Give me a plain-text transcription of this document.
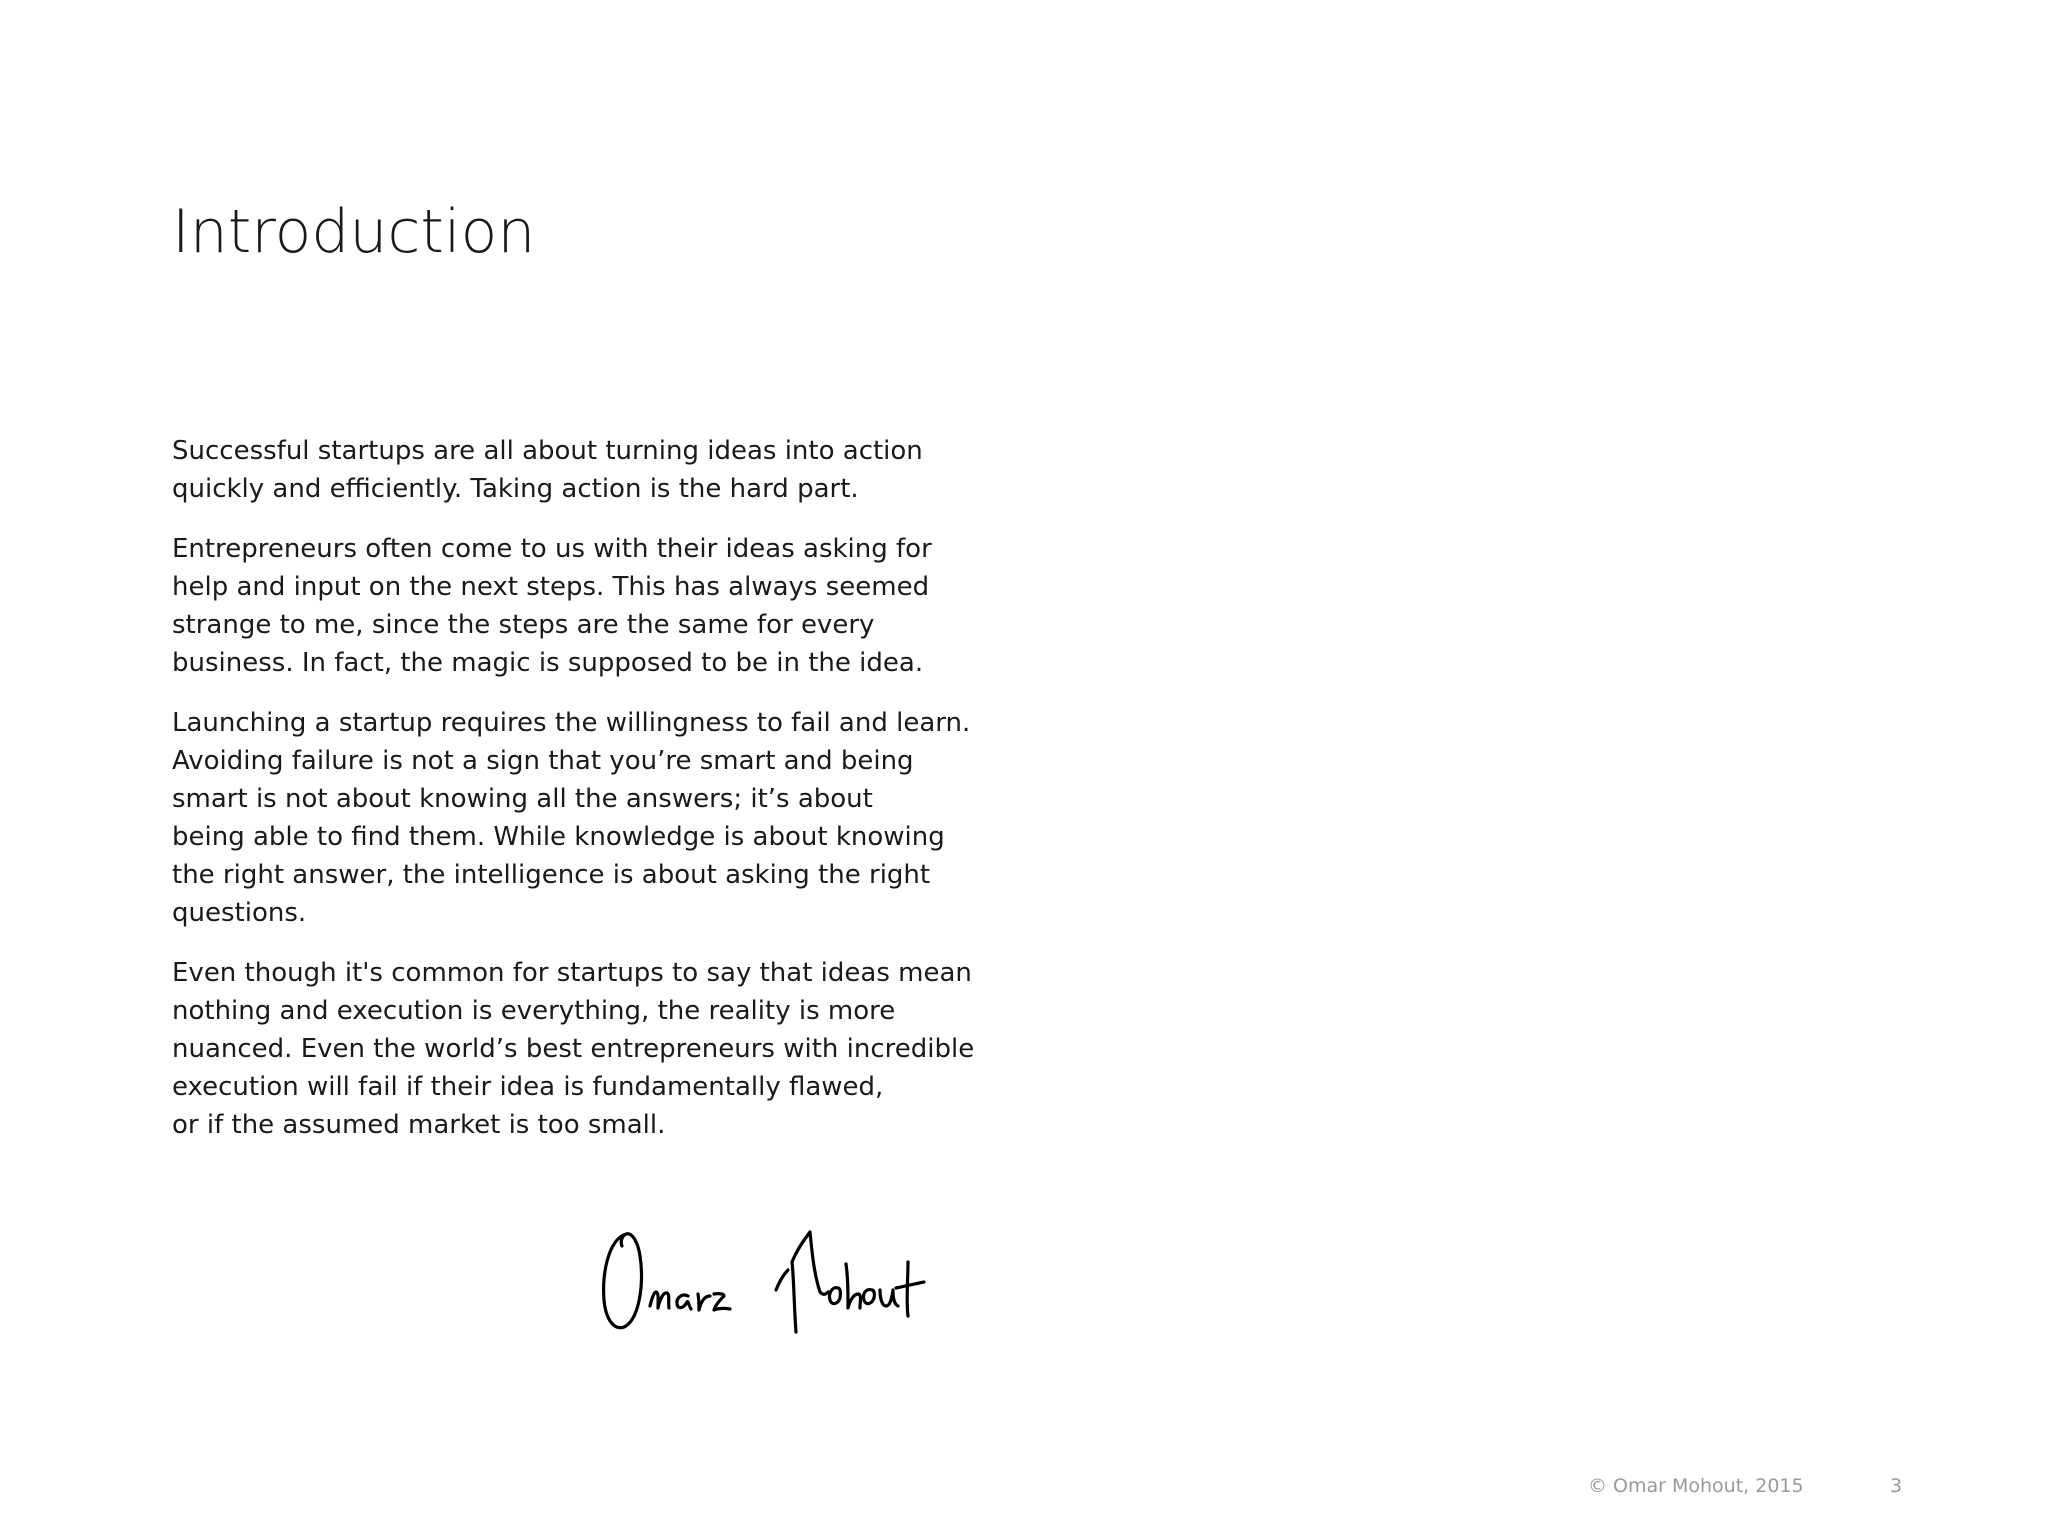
Introduction

Successful startups are all about turning ideas into action
quickly and efficiently. Taking action is the hard part.

Entrepreneurs often come to us with their ideas asking for
help and input on the next steps. This has always seemed
strange to me, since the steps are the same for every
business. In fact, the magic is supposed to be in the idea.

Launching a startup requires the willingness to fail and learn.
Avoiding failure is not a sign that you’re smart and being
smart is not about knowing all the answers; it’s about
being able to find them. While knowledge is about knowing
the right answer, the intelligence is about asking the right
questions.

Even though it's common for startups to say that ideas mean
nothing and execution is everything, the reality is more
nuanced. Even the world’s best entrepreneurs with incredible
execution will fail if their idea is fundamentally flawed,
or if the assumed market is too small.

© Omar Mohout, 2015	3
